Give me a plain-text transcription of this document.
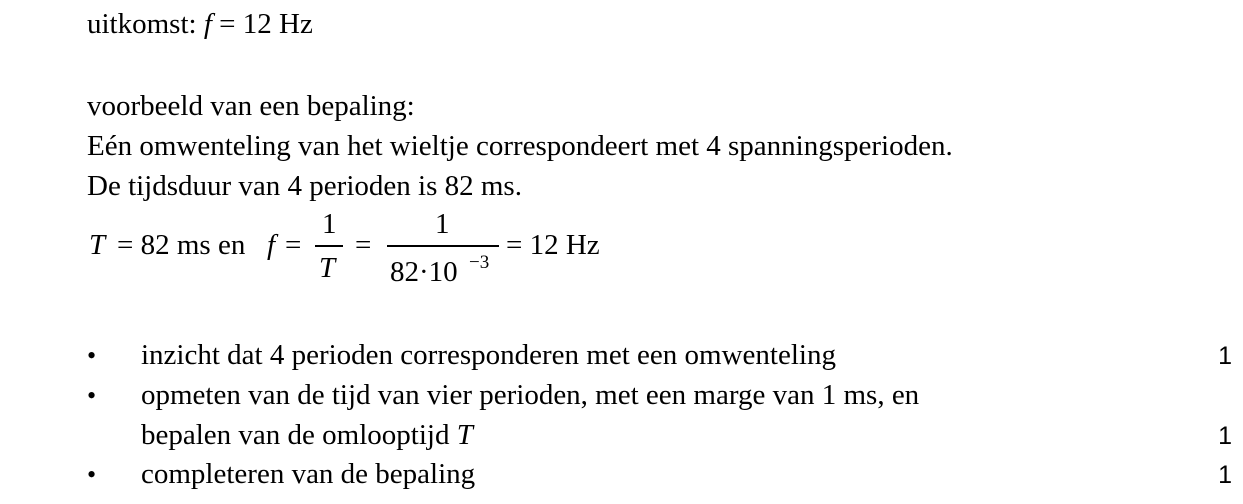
uitkomst: f = 12 Hz
voorbeeld van een bepaling:
Eén omwenteling van het wieltje correspondeert met 4 spanningsperioden.
De tijdsduur van 4 perioden is 82 ms.
T = 82 ms en f =
1
T
=
1
82·10 −3
= 12 Hz
• inzicht dat 4 perioden corresponderen met een omwenteling	1
• opmeten van de tijd van vier perioden, met een marge van 1 ms, en
bepalen van de omlooptijd T	1
• completeren van de bepaling	1
